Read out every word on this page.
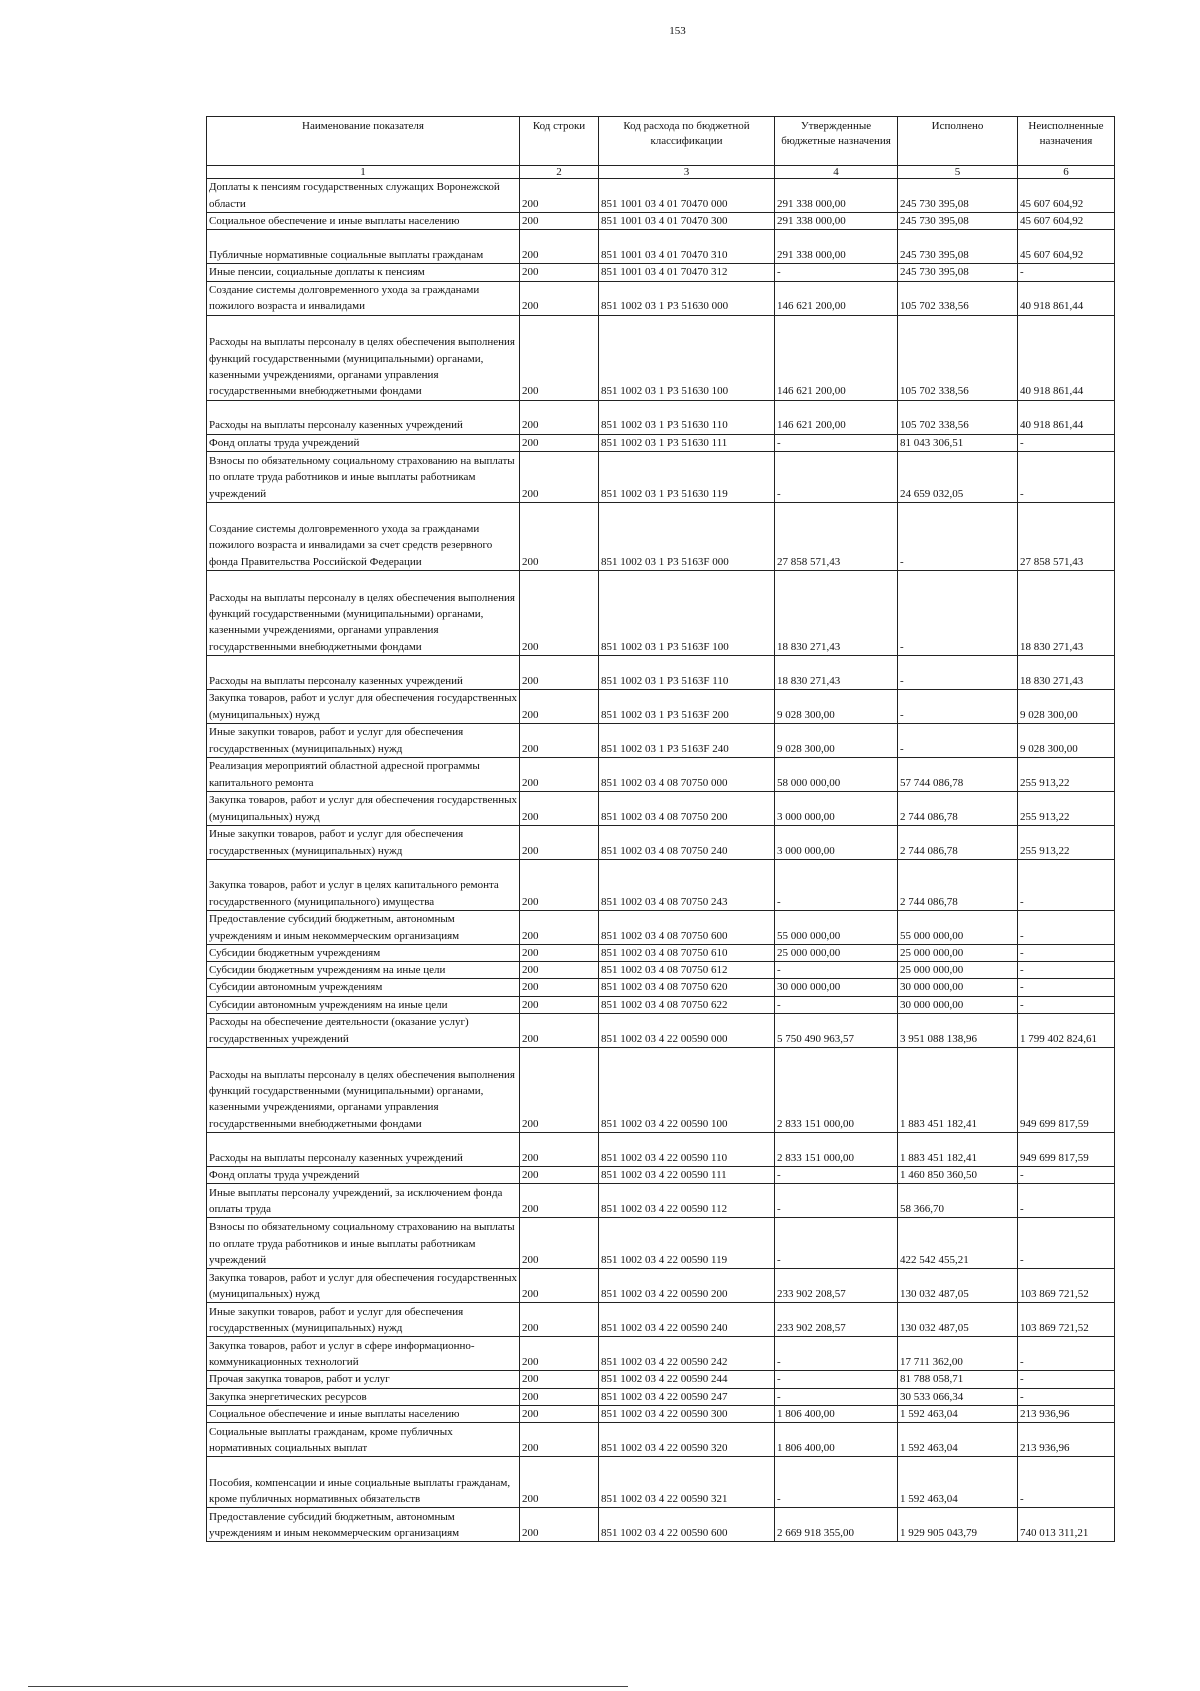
153
Наименование показателя	Код строки	Код расхода по бюджетной классификации	Утвержденные бюджетные назначения	Исполнено	Неисполненные назначения
1	2	3	4	5	6
Доплаты к пенсиям государственных служащих Воронежской области	200	851 1001 03 4 01 70470 000	291 338 000,00	245 730 395,08	45 607 604,92
Социальное обеспечение и иные выплаты населению	200	851 1001 03 4 01 70470 300	291 338 000,00	245 730 395,08	45 607 604,92
Публичные нормативные социальные выплаты гражданам	200	851 1001 03 4 01 70470 310	291 338 000,00	245 730 395,08	45 607 604,92
Иные пенсии, социальные доплаты к пенсиям	200	851 1001 03 4 01 70470 312	-	245 730 395,08	-
Создание системы долговременного ухода за гражданами пожилого возраста и инвалидами	200	851 1002 03 1 P3 51630 000	146 621 200,00	105 702 338,56	40 918 861,44
Расходы на выплаты персоналу в целях обеспечения выполнения функций государственными (муниципальными) органами, казенными учреждениями, органами управления государственными внебюджетными фондами	200	851 1002 03 1 P3 51630 100	146 621 200,00	105 702 338,56	40 918 861,44
Расходы на выплаты персоналу казенных учреждений	200	851 1002 03 1 P3 51630 110	146 621 200,00	105 702 338,56	40 918 861,44
Фонд оплаты труда учреждений	200	851 1002 03 1 P3 51630 111	-	81 043 306,51	-
Взносы по обязательному социальному страхованию на выплаты по оплате труда работников и иные выплаты работникам учреждений	200	851 1002 03 1 P3 51630 119	-	24 659 032,05	-
Создание системы долговременного ухода за гражданами пожилого возраста и инвалидами за счет средств резервного фонда Правительства Российской Федерации	200	851 1002 03 1 P3 5163F 000	27 858 571,43	-	27 858 571,43
Расходы на выплаты персоналу в целях обеспечения выполнения функций государственными (муниципальными) органами, казенными учреждениями, органами управления государственными внебюджетными фондами	200	851 1002 03 1 P3 5163F 100	18 830 271,43	-	18 830 271,43
Расходы на выплаты персоналу казенных учреждений	200	851 1002 03 1 P3 5163F 110	18 830 271,43	-	18 830 271,43
Закупка товаров, работ и услуг для обеспечения государственных (муниципальных) нужд	200	851 1002 03 1 P3 5163F 200	9 028 300,00	-	9 028 300,00
Иные закупки товаров, работ и услуг для обеспечения государственных (муниципальных) нужд	200	851 1002 03 1 P3 5163F 240	9 028 300,00	-	9 028 300,00
Реализация мероприятий областной адресной программы капитального ремонта	200	851 1002 03 4 08 70750 000	58 000 000,00	57 744 086,78	255 913,22
Закупка товаров, работ и услуг для обеспечения государственных (муниципальных) нужд	200	851 1002 03 4 08 70750 200	3 000 000,00	2 744 086,78	255 913,22
Иные закупки товаров, работ и услуг для обеспечения государственных (муниципальных) нужд	200	851 1002 03 4 08 70750 240	3 000 000,00	2 744 086,78	255 913,22
Закупка товаров, работ и услуг в целях капитального ремонта государственного (муниципального) имущества	200	851 1002 03 4 08 70750 243	-	2 744 086,78	-
Предоставление субсидий бюджетным, автономным учреждениям и иным некоммерческим организациям	200	851 1002 03 4 08 70750 600	55 000 000,00	55 000 000,00	-
Субсидии бюджетным учреждениям	200	851 1002 03 4 08 70750 610	25 000 000,00	25 000 000,00	-
Субсидии бюджетным учреждениям на иные цели	200	851 1002 03 4 08 70750 612	-	25 000 000,00	-
Субсидии автономным учреждениям	200	851 1002 03 4 08 70750 620	30 000 000,00	30 000 000,00	-
Субсидии автономным учреждениям на иные цели	200	851 1002 03 4 08 70750 622	-	30 000 000,00	-
Расходы на обеспечение деятельности (оказание услуг) государственных учреждений	200	851 1002 03 4 22 00590 000	5 750 490 963,57	3 951 088 138,96	1 799 402 824,61
Расходы на выплаты персоналу в целях обеспечения выполнения функций государственными (муниципальными) органами, казенными учреждениями, органами управления государственными внебюджетными фондами	200	851 1002 03 4 22 00590 100	2 833 151 000,00	1 883 451 182,41	949 699 817,59
Расходы на выплаты персоналу казенных учреждений	200	851 1002 03 4 22 00590 110	2 833 151 000,00	1 883 451 182,41	949 699 817,59
Фонд оплаты труда учреждений	200	851 1002 03 4 22 00590 111	-	1 460 850 360,50	-
Иные выплаты персоналу учреждений, за исключением фонда оплаты труда	200	851 1002 03 4 22 00590 112	-	58 366,70	-
Взносы по обязательному социальному страхованию на выплаты по оплате труда работников и иные выплаты работникам учреждений	200	851 1002 03 4 22 00590 119	-	422 542 455,21	-
Закупка товаров, работ и услуг для обеспечения государственных (муниципальных) нужд	200	851 1002 03 4 22 00590 200	233 902 208,57	130 032 487,05	103 869 721,52
Иные закупки товаров, работ и услуг для обеспечения государственных (муниципальных) нужд	200	851 1002 03 4 22 00590 240	233 902 208,57	130 032 487,05	103 869 721,52
Закупка товаров, работ и услуг в сфере информационно-коммуникационных технологий	200	851 1002 03 4 22 00590 242	-	17 711 362,00	-
Прочая закупка товаров, работ и услуг	200	851 1002 03 4 22 00590 244	-	81 788 058,71	-
Закупка энергетических ресурсов	200	851 1002 03 4 22 00590 247	-	30 533 066,34	-
Социальное обеспечение и иные выплаты населению	200	851 1002 03 4 22 00590 300	1 806 400,00	1 592 463,04	213 936,96
Социальные выплаты гражданам, кроме публичных нормативных социальных выплат	200	851 1002 03 4 22 00590 320	1 806 400,00	1 592 463,04	213 936,96
Пособия, компенсации и иные социальные выплаты гражданам, кроме публичных нормативных обязательств	200	851 1002 03 4 22 00590 321	-	1 592 463,04	-
Предоставление субсидий бюджетным, автономным учреждениям и иным некоммерческим организациям	200	851 1002 03 4 22 00590 600	2 669 918 355,00	1 929 905 043,79	740 013 311,21
